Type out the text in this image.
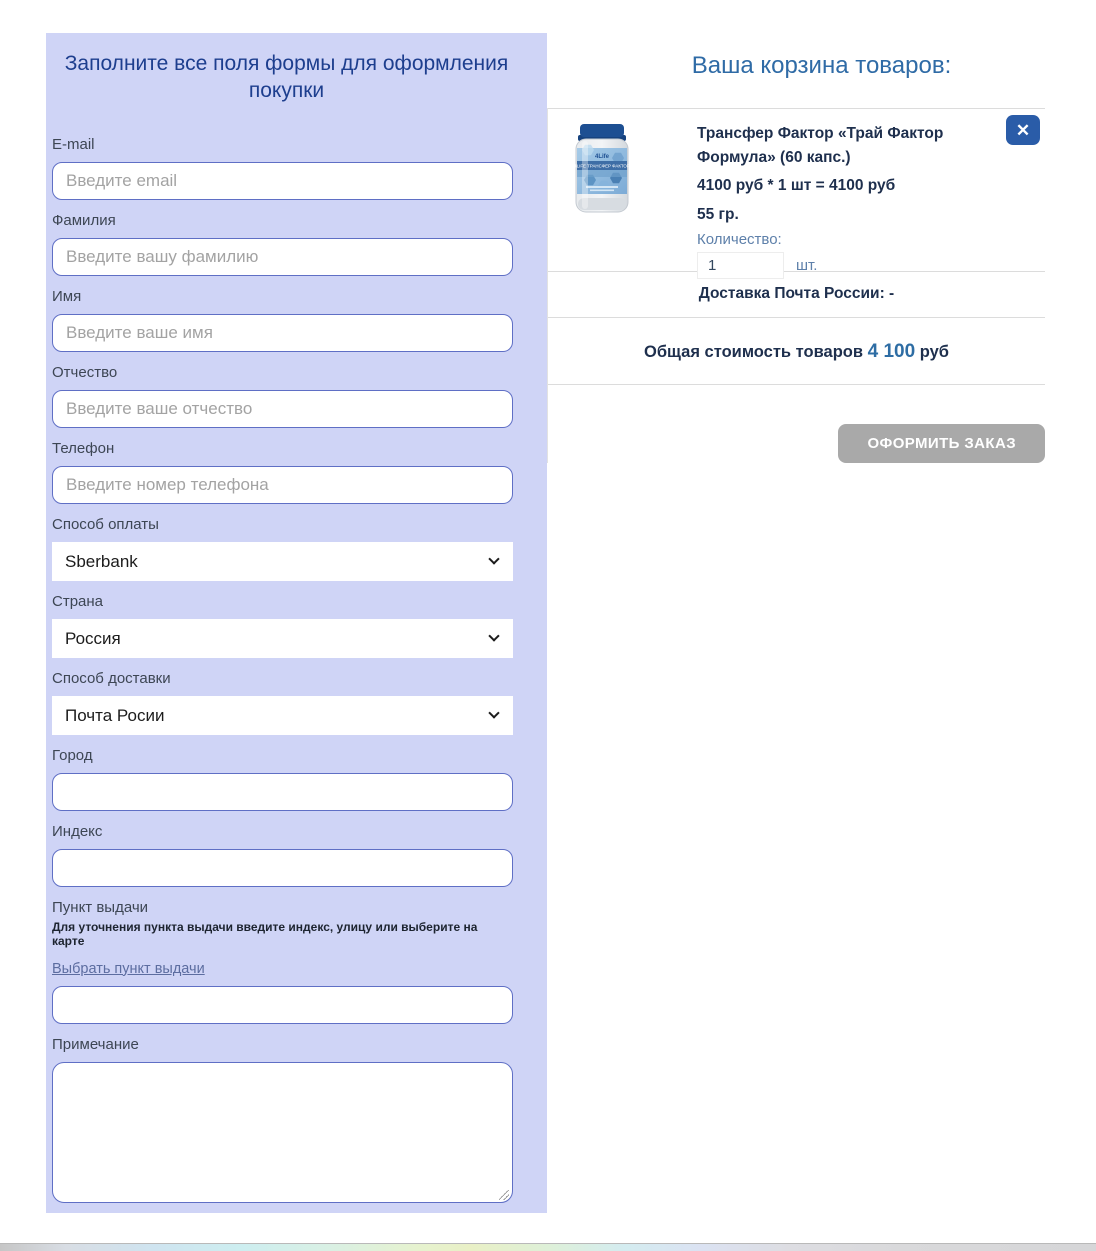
Заполните все поля формы для оформления покупки
E-mail
Введите email
Фамилия
Введите вашу фамилию
Имя
Введите ваше имя
Отчество
Введите ваше отчество
Телефон
Введите номер телефона
Способ оплаты
Sberbank
Страна
Россия
Способ доставки
Почта Росии
Город
Индекс
Пункт выдачи
Для уточнения пункта выдачи введите индекс, улицу или выберите на карте
Выбрать пункт выдачи
Примечание
Ваша корзина товаров:
4Life
4LIFE ТРАНСФЕР ФАКТОР
Трансфер Фактор «Трай Фактор Формула» (60 капс.)
4100 руб * 1 шт = 4100 руб
55 гр.
Количество:
1
шт.
✕
Доставка Почта России: -
Общая стоимость товаров 4 100 руб
ОФОРМИТЬ ЗАКАЗ
